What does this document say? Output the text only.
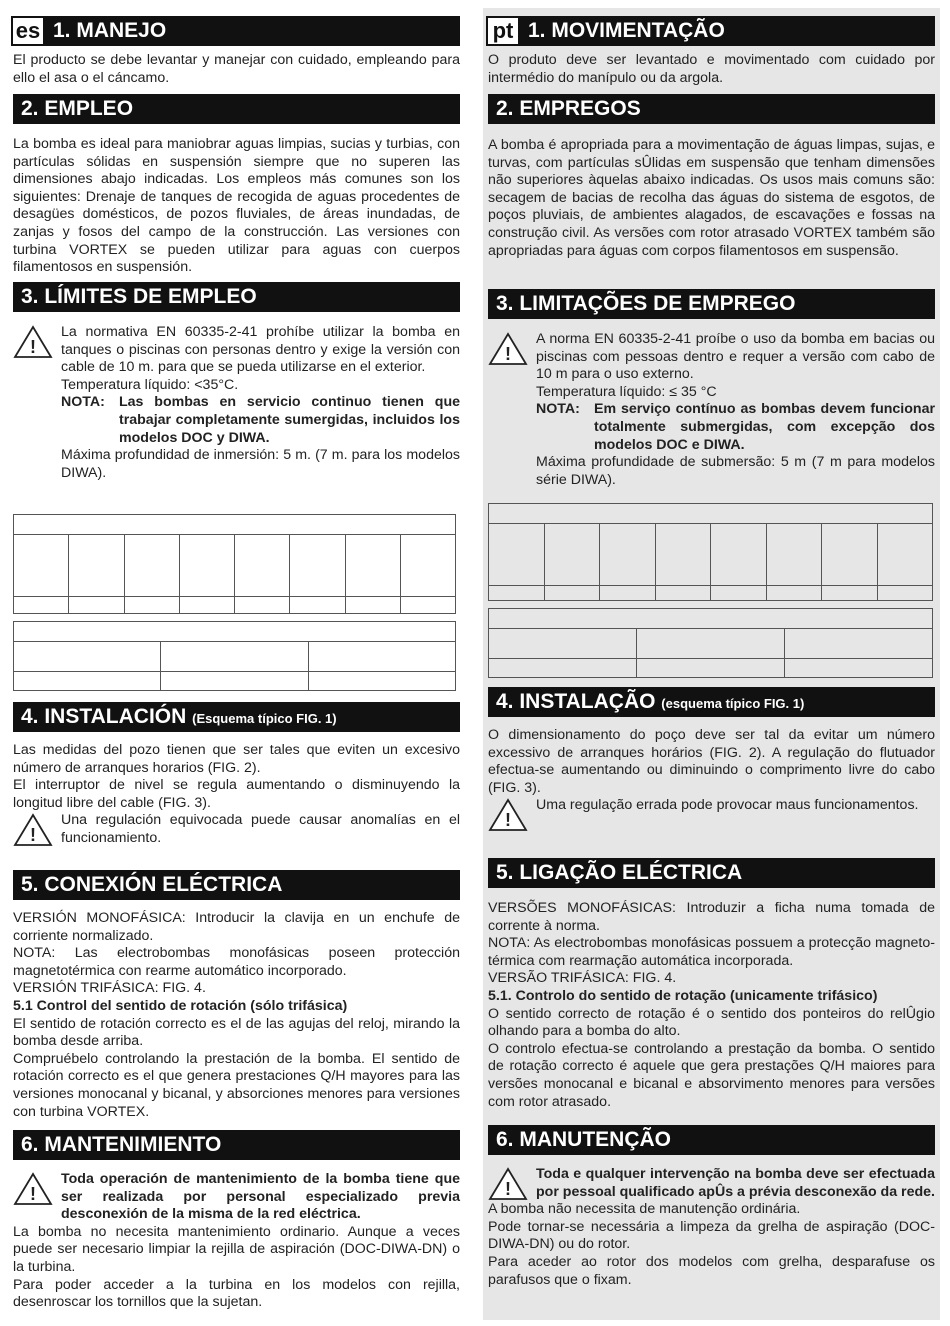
es 1. MANEJO

El producto se debe levantar y manejar con cuidado, empleando para ello el asa o el cáncamo.

2. EMPLEO

La bomba es ideal para maniobrar aguas limpias, sucias y turbias, con partículas sólidas en suspensión siempre que no superen las dimensiones abajo indicadas. Los empleos más comunes son los siguientes: Drenaje de tanques de recogida de aguas procedentes de desagües domésticos, de pozos fluviales, de áreas inundadas, de zanjas y fosos del campo de la construcción. Las versiones con turbina VORTEX se pueden utilizar para aguas con cuerpos filamentosos en suspensión.

3. LÍMITES DE EMPLEO
!

La normativa EN 60335-2-41 prohíbe utilizar la bomba en tanques o piscinas con personas dentro y exige la versión con cable de 10 m. para que se pueda utilizarse en el exterior.

Temperatura líquido: <35°C.

NOTA: Las bombas en servicio continuo tienen que trabajar completamente sumergidas, incluidos los modelos DOC y DIWA.

Máxima profundidad de inmersión: 5 m. (7 m. para los modelos DIWA).

4. INSTALACIÓN (Esquema típico FIG. 1)

Las medidas del pozo tienen que ser tales que eviten un excesivo número de arranques horarios (FIG. 2).

El interruptor de nivel se regula aumentando o disminuyendo la longitud libre del cable (FIG. 3).

!

Una regulación equivocada puede causar anomalías en el funcionamiento.

5. CONEXIÓN ELÉCTRICA

VERSIÓN MONOFÁSICA: Introducir la clavija en un enchufe de corriente normalizado.

NOTA: Las electrobombas monofásicas poseen protección magnetotérmica con rearme automático incorporado.

VERSIÓN TRIFÁSICA: FIG. 4.

5.1 Control del sentido de rotación (sólo trifásica)

El sentido de rotación correcto es el de las agujas del reloj, mirando la bomba desde arriba.

Compruébelo controlando la prestación de la bomba. El sentido de rotación correcto es el que genera prestaciones Q/H mayores para las versiones monocanal y bicanal, y absorciones menores para versiones con turbina VORTEX.

6. MANTENIMIENTO
!

Toda operación de mantenimiento de la bomba tiene que ser realizada por personal especializado previa desconexión de la misma de la red eléctrica.

La bomba no necesita mantenimiento ordinario. Aunque a veces puede ser necesario limpiar la rejilla de aspiración (DOC-DIWA-DN) o la turbina.

Para poder acceder a la turbina en los modelos con rejilla, desenroscar los tornillos que la sujetan.

pt 1. MOVIMENTAÇÃO

O produto deve ser levantado e movimentado com cuidado por intermédio do manípulo ou da argola.

2. EMPREGOS

A bomba é apropriada para a movimentação de águas limpas, sujas, e turvas, com partículas sÛlidas em suspensão que tenham dimensões não superiores àquelas abaixo indicadas. Os usos mais comuns são: secagem de bacias de recolha das águas do sistema de esgotos, de poços pluviais, de ambientes alagados, de escavações e fossas na construção civil. As versões com rotor atrasado VORTEX também são apropriadas para águas com corpos filamentosos em suspensão.

3. LIMITAÇÕES DE EMPREGO
!

A norma EN 60335-2-41 proíbe o uso da bomba em bacias ou piscinas com pessoas dentro e requer a versão com cabo de 10 m para o uso externo.

Temperatura líquido: ≤ 35 °C

NOTA: Em serviço contínuo as bombas devem funcionar totalmente submergidas, com excepção dos modelos DOC e DIWA.

Máxima profundidade de submersão: 5 m (7 m para modelos série DIWA).

4. INSTALAÇÃO (esquema típico FIG. 1)

O dimensionamento do poço deve ser tal da evitar um número excessivo de arranques horários (FIG. 2). A regulação do flutuador efectua-se aumentando ou diminuindo o comprimento livre do cabo (FIG. 3).

!

Uma regulação errada pode provocar maus funcionamentos.

5. LIGAÇÃO ELÉCTRICA

VERSÕES MONOFÁSICAS: Introduzir a ficha numa tomada de corrente à norma.

NOTA: As electrobombas monofásicas possuem a protecção magneto-térmica com rearmação automática incorporada.

VERSÃO TRIFÁSICA: FIG. 4.

5.1. Controlo do sentido de rotação (unicamente trifásico)

O sentido correcto de rotação é o sentido dos ponteiros do relÛgio olhando para a bomba do alto.

O controlo efectua-se controlando a prestação da bomba. O sentido de rotação correcto é aquele que gera prestações Q/H maiores para versões monocanal e bicanal e absorvimento menores para versões com rotor atrasado.

6. MANUTENÇÃO
!

Toda e qualquer intervenção na bomba deve ser efectuada por pessoal qualificado apÛs a prévia desconexão da rede.

A bomba não necessita de manutenção ordinária.

Pode tornar-se necessária a limpeza da grelha de aspiração (DOC-DIWA-DN) ou do rotor.

Para aceder ao rotor dos modelos com grelha, desparafuse os parafusos que o fixam.
